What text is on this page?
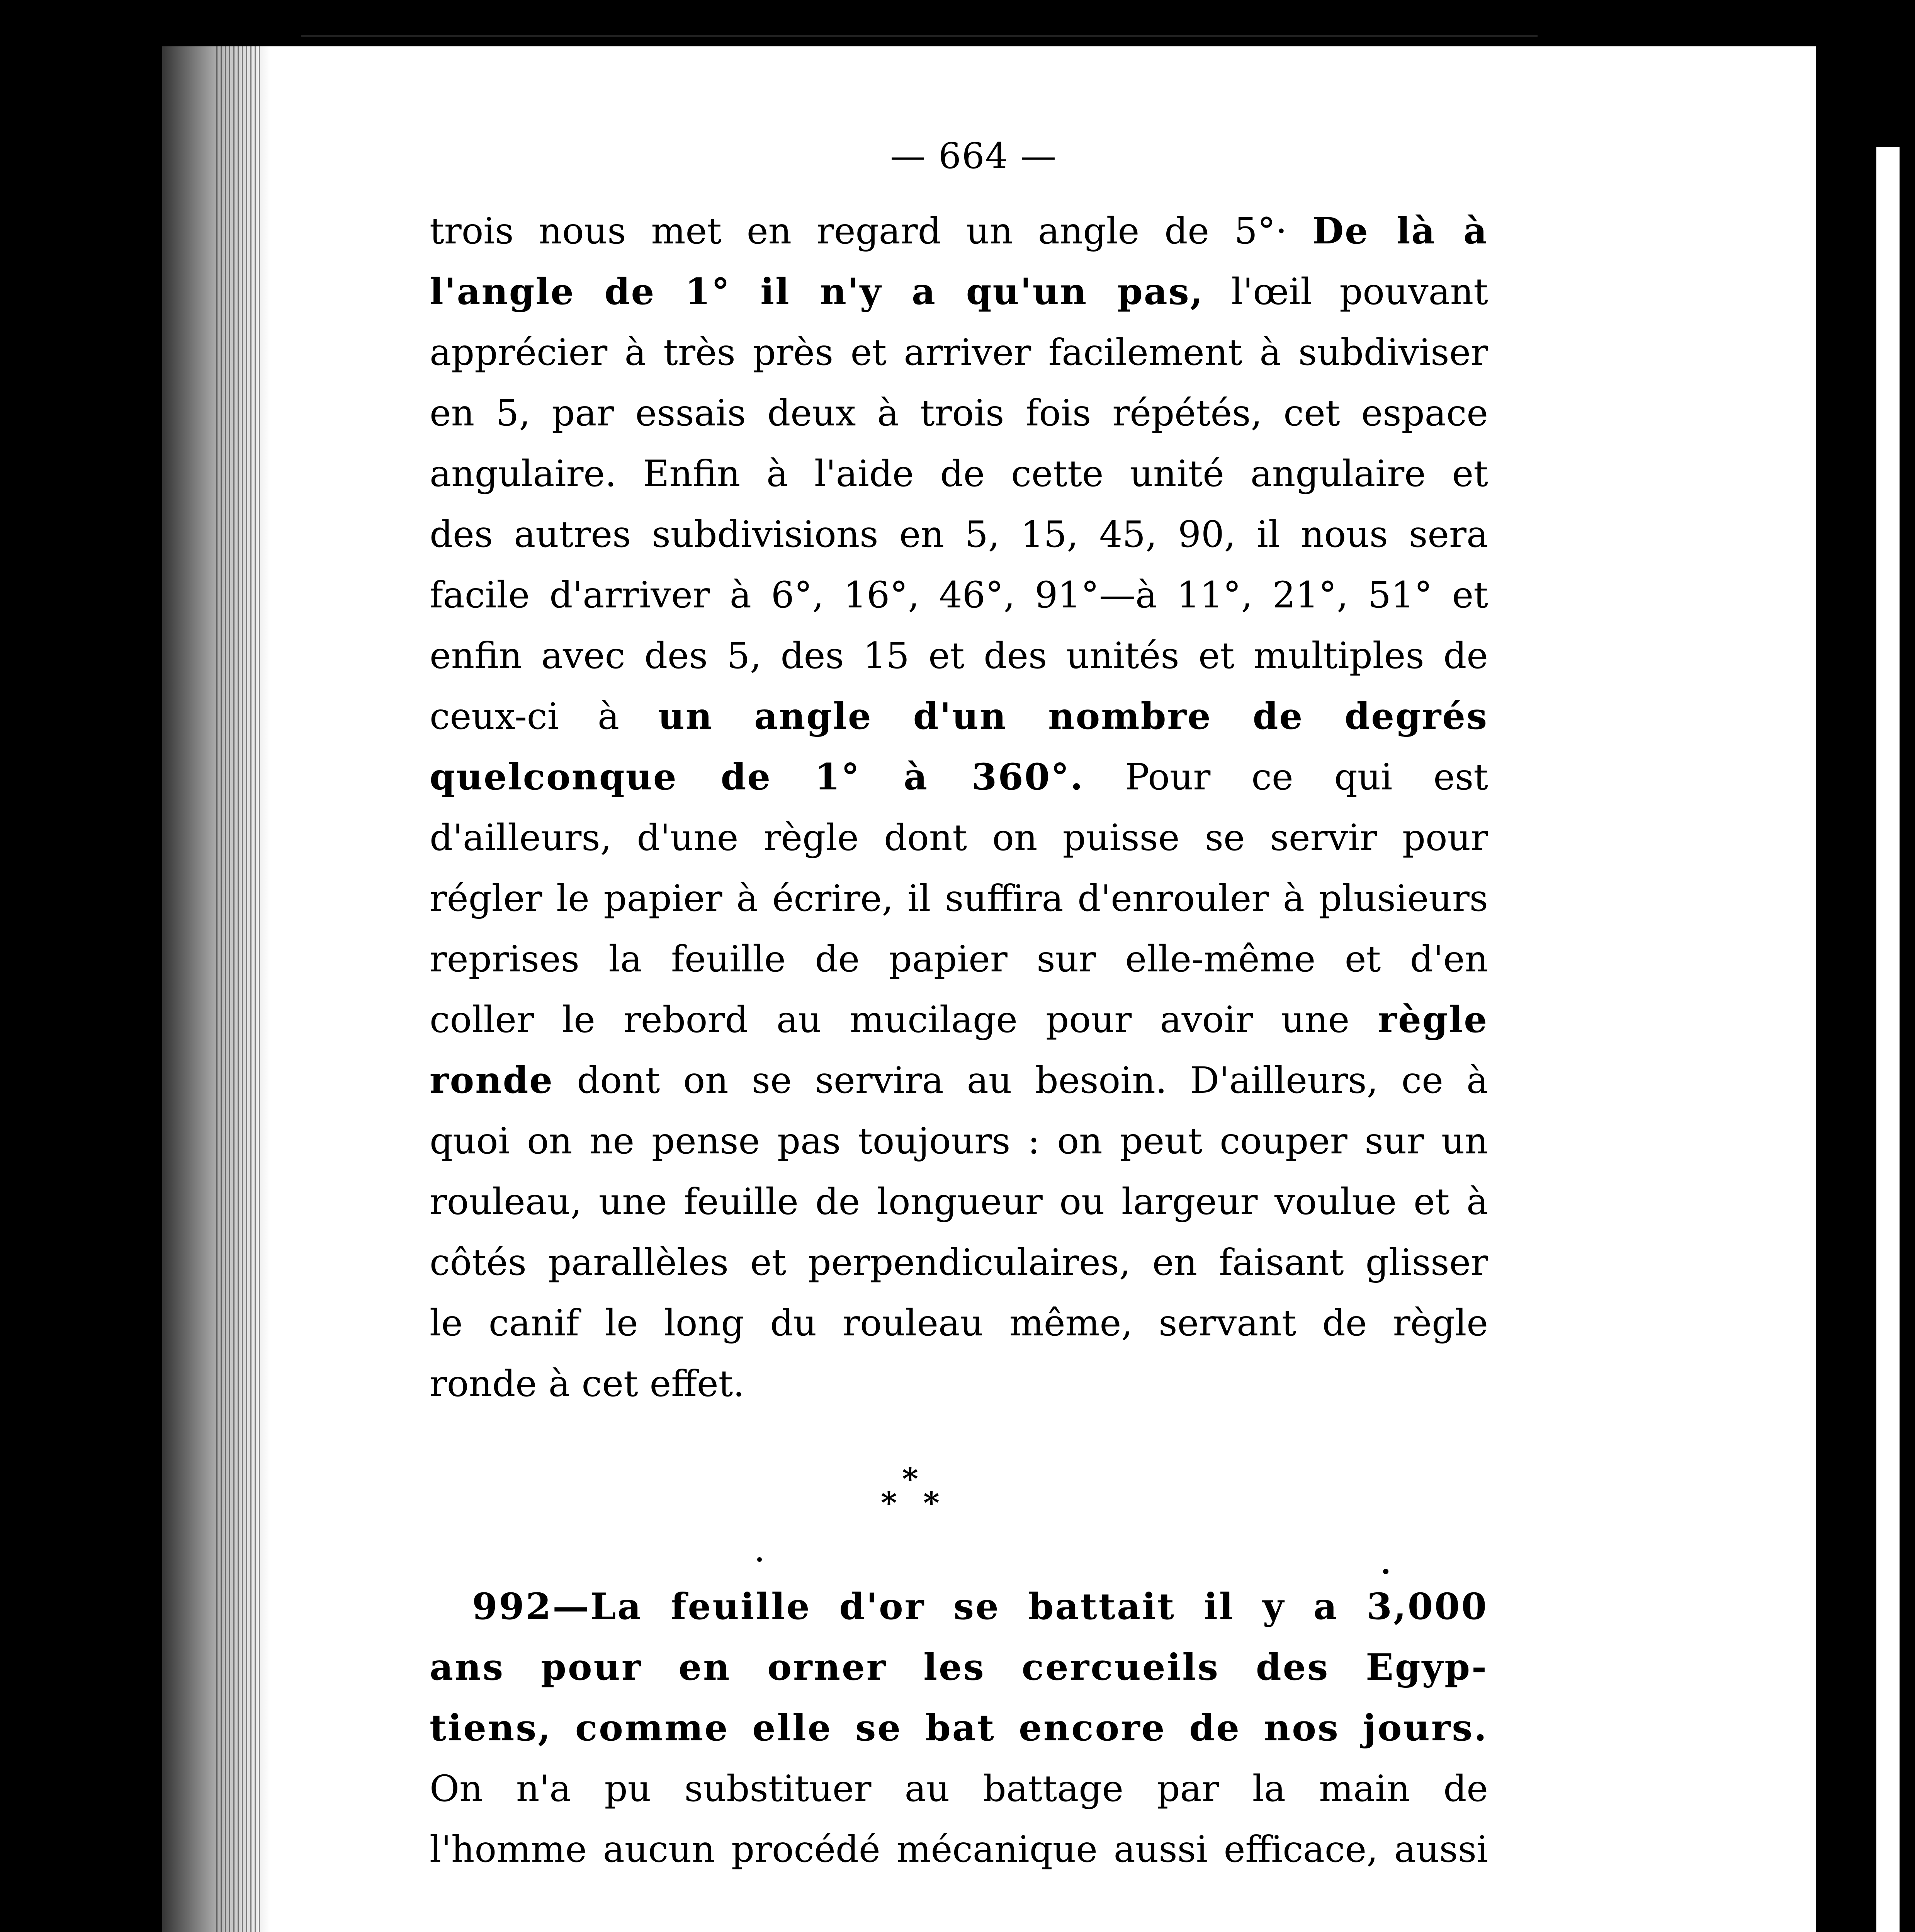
— 664 —
trois nous met en regard un angle de 5°· De là à
l'angle de 1° il n'y a qu'un pas, l'œil pouvant
apprécier à très près et arriver facilement à subdiviser
en 5, par essais deux à trois fois répétés, cet espace
angulaire. Enfin à l'aide de cette unité angulaire et
des autres subdivisions en 5, 15, 45, 90, il nous sera
facile d'arriver à 6°, 16°, 46°, 91°—à 11°, 21°, 51° et
enfin avec des 5, des 15 et des unités et multiples de
ceux-ci à un angle d'un nombre de degrés
quelconque de 1° à 360°. Pour ce qui est
d'ailleurs, d'une règle dont on puisse se servir pour
régler le papier à écrire, il suffira d'enrouler à plusieurs
reprises la feuille de papier sur elle-même et d'en
coller le rebord au mucilage pour avoir une règle
ronde dont on se servira au besoin. D'ailleurs, ce à
quoi on ne pense pas toujours : on peut couper sur un
rouleau, une feuille de longueur ou largeur voulue et à
côtés parallèles et perpendiculaires, en faisant glisser
le canif le long du rouleau même, servant de règle
ronde à cet effet.
*
* *
992—La feuille d'or se battait il y a 3,000
ans pour en orner les cercueils des Egyp-
tiens, comme elle se bat encore de nos jours.
On n'a pu substituer au battage par la main de
l'homme aucun procédé mécanique aussi efficace, aussi
